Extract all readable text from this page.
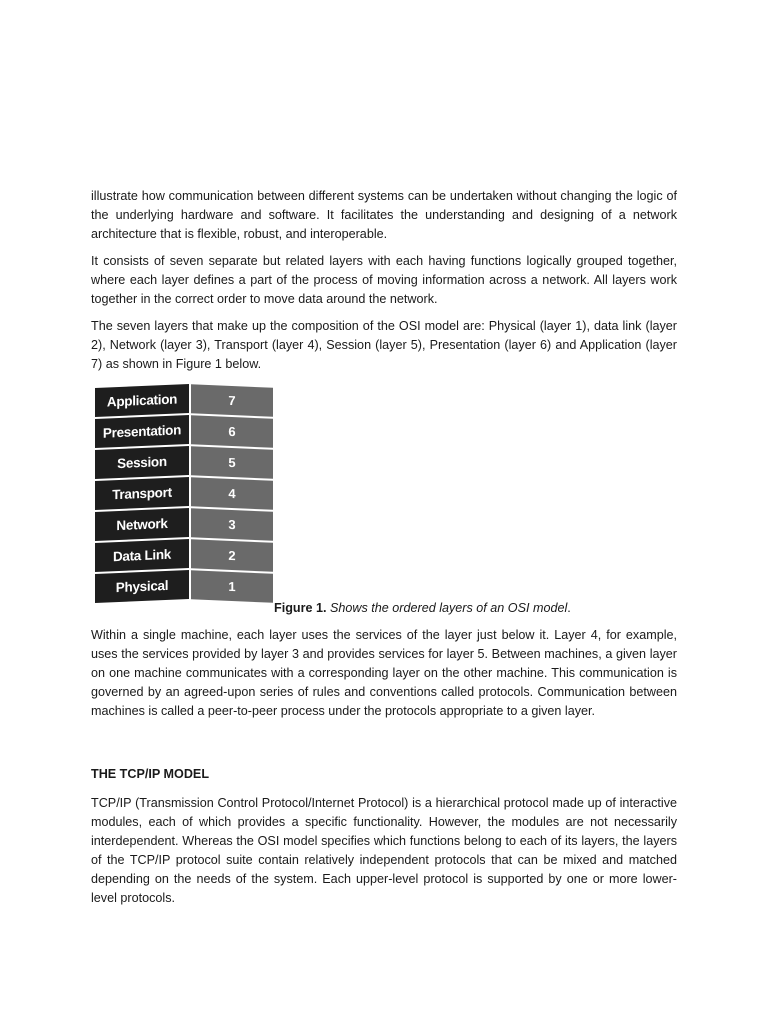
illustrate how communication between different systems can be undertaken without changing the logic of the underlying hardware and software. It facilitates the understanding and designing of a network architecture that is flexible, robust, and interoperable.

It consists of seven separate but related layers with each having functions logically grouped together, where each layer defines a part of the process of moving information across a network. All layers work together in the correct order to move data around the network.

The seven layers that make up the composition of the OSI model are: Physical (layer 1), data link (layer 2), Network (layer 3), Transport (layer 4), Session (layer 5), Presentation (layer 6) and Application (layer 7) as shown in Figure 1 below.

Application	7
Presentation	6
Session	5
Transport	4
Network	3
Data Link	2
Physical	1
Figure 1. Shows the ordered layers of an OSI model.

Within a single machine, each layer uses the services of the layer just below it. Layer 4, for example, uses the services provided by layer 3 and provides services for layer 5. Between machines, a given layer on one machine communicates with a corresponding layer on the other machine. This communication is governed by an agreed-upon series of rules and conventions called protocols. Communication between machines is called a peer-to-peer process under the protocols appropriate to a given layer.

THE TCP/IP MODEL

TCP/IP (Transmission Control Protocol/Internet Protocol) is a hierarchical protocol made up of interactive modules, each of which provides a specific functionality. However, the modules are not necessarily interdependent. Whereas the OSI model specifies which functions belong to each of its layers, the layers of the TCP/IP protocol suite contain relatively independent protocols that can be mixed and matched depending on the needs of the system. Each upper-level protocol is supported by one or more lower-level protocols.
